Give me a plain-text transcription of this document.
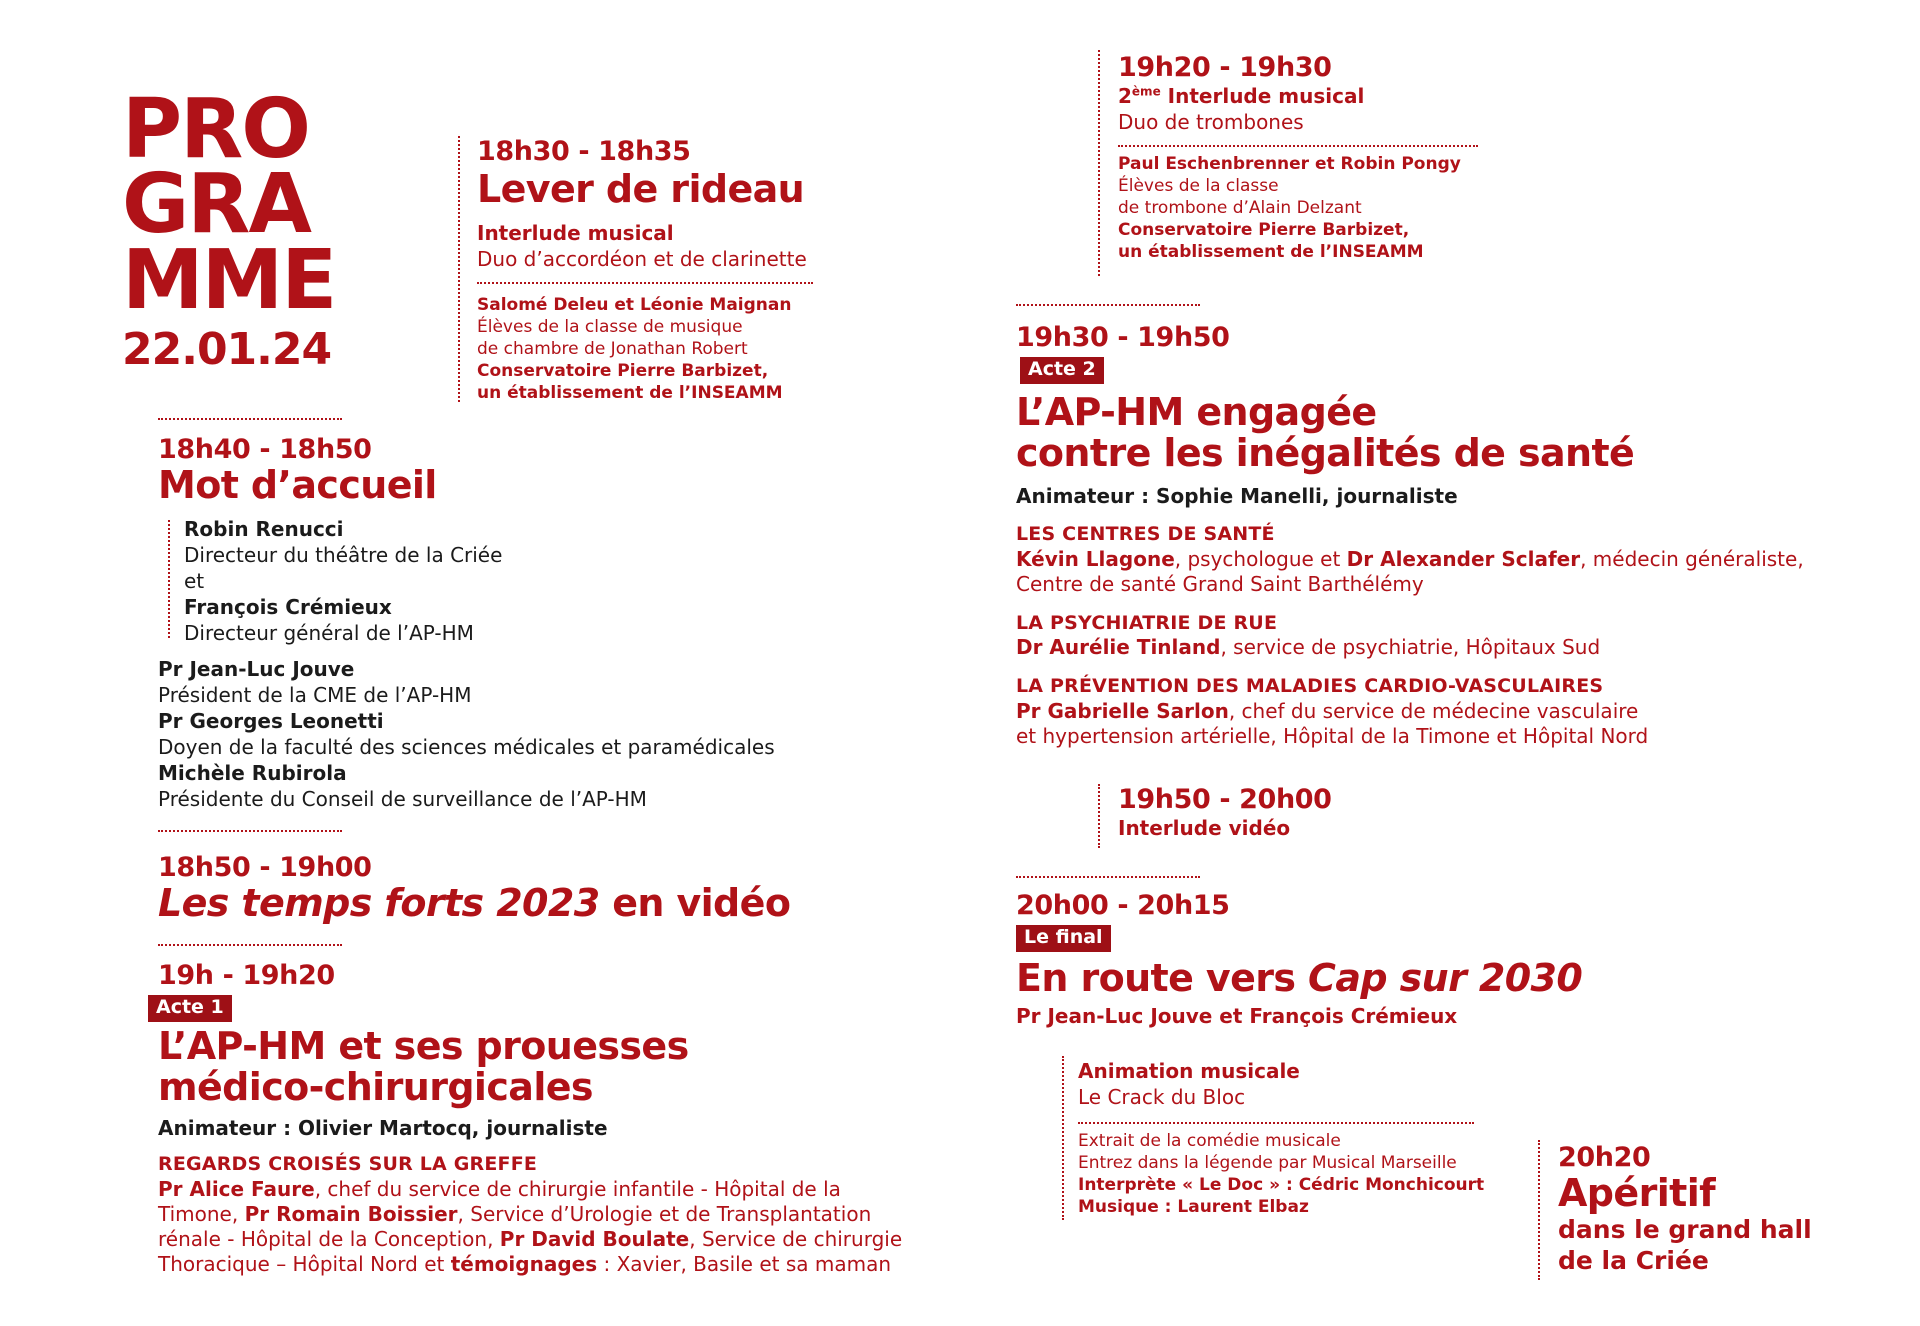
PRO
GRA
MME
22.01.24
18h30 - 18h35
Lever de rideau
Interlude musical
Duo d’accordéon et de clarinette
Salomé Deleu et Léonie Maignan
Élèves de la classe de musique
de chambre de Jonathan Robert
Conservatoire Pierre Barbizet,
un établissement de l’INSEAMM
18h40 - 18h50
Mot d’accueil
Robin Renucci
Directeur du théâtre de la Criée
et
François Crémieux
Directeur général de l’AP-HM
Pr Jean-Luc Jouve
Président de la CME de l’AP-HM
Pr Georges Leonetti
Doyen de la faculté des sciences médicales et paramédicales
Michèle Rubirola
Présidente du Conseil de surveillance de l’AP-HM
18h50 - 19h00
Les temps forts 2023 en vidéo
19h - 19h20
Acte 1
L’AP-HM et ses prouesses
médico-chirurgicales
Animateur : Olivier Martocq, journaliste
REGARDS CROISÉS SUR LA GREFFE
Pr Alice Faure, chef du service de chirurgie infantile - Hôpital de la
Timone, Pr Romain Boissier, Service d’Urologie et de Transplantation
rénale - Hôpital de la Conception, Pr David Boulate, Service de chirurgie
Thoracique – Hôpital Nord et témoignages : Xavier, Basile et sa maman
19h20 - 19h30
2ème Interlude musical
Duo de trombones
Paul Eschenbrenner et Robin Pongy
Élèves de la classe
de trombone d’Alain Delzant
Conservatoire Pierre Barbizet,
un établissement de l’INSEAMM
19h30 - 19h50
Acte 2
L’AP-HM engagée
contre les inégalités de santé
Animateur : Sophie Manelli, journaliste
LES CENTRES DE SANTÉ
Kévin Llagone, psychologue et Dr Alexander Sclafer, médecin généraliste,
Centre de santé Grand Saint Barthélémy
LA PSYCHIATRIE DE RUE
Dr Aurélie Tinland, service de psychiatrie, Hôpitaux Sud
LA PRÉVENTION DES MALADIES CARDIO-VASCULAIRES
Pr Gabrielle Sarlon, chef du service de médecine vasculaire
et hypertension artérielle, Hôpital de la Timone et Hôpital Nord
19h50 - 20h00
Interlude vidéo
20h00 - 20h15
Le final
En route vers Cap sur 2030
Pr Jean-Luc Jouve et François Crémieux
Animation musicale
Le Crack du Bloc
Extrait de la comédie musicale
Entrez dans la légende par Musical Marseille
Interprète « Le Doc » : Cédric Monchicourt
Musique : Laurent Elbaz
20h20
Apéritif
dans le grand hall
de la Criée
